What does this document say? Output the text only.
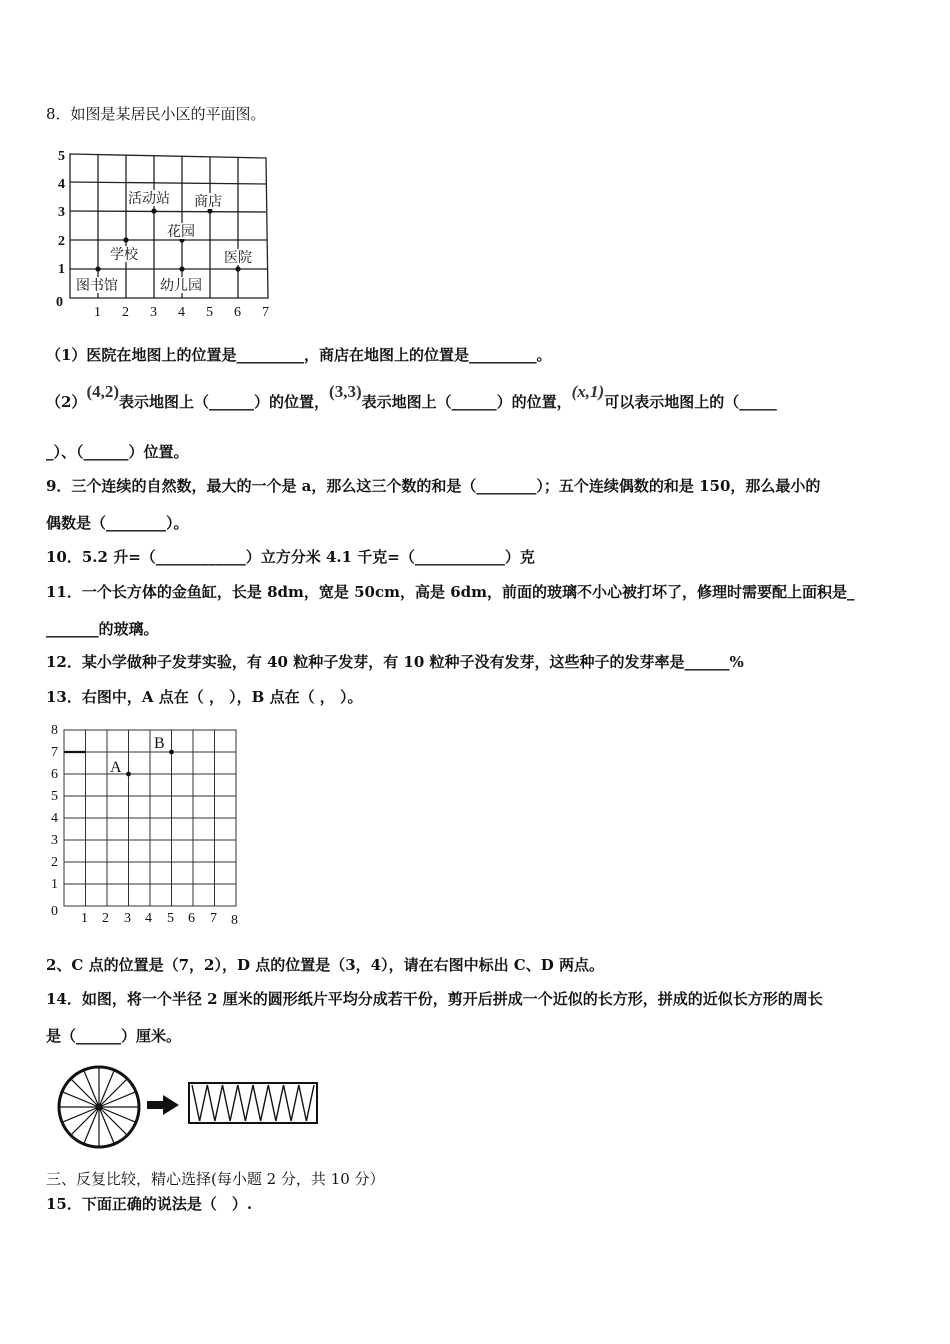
8．如图是某居民小区的平面图。
5
4
3
2
1
0
1 2 3 4 5 6 7
活动站 商店
花园
学校	医院
图书馆	幼儿园
（1）医院在地图上的位置是_________，商店在地图上的位置是_________。
（2）(4,2)表示地图上（______）的位置，(3,3)表示地图上（______）的位置，(x,1)可以表示地图上的（_____
_）、（______）位置。
9．三个连续的自然数，最大的一个是 a，那么这三个数的和是（________）；五个连续偶数的和是 150，那么最小的
偶数是（________）。
10．5.2 升=（____________）立方分米 4.1 千克=（____________）克
11．一个长方体的金鱼缸，长是 8dm，宽是 50cm，高是 6dm，前面的玻璃不小心被打坏了，修理时需要配上面积是_
_______的玻璃。
12．某小学做种子发芽实验，有 40 粒种子发芽，有 10 粒种子没有发芽，这些种子的发芽率是______%
13．右图中，A 点在（ ， ），B 点在（ ， ）。
A
B
8
7
6
5
4
3
2
1
0 1 2 3 4 5 6 7 8
2、C 点的位置是（7，2），D 点的位置是（3，4），请在右图中标出 C、D 两点。
14．如图，将一个半径 2 厘米的圆形纸片平均分成若干份，剪开后拼成一个近似的长方形，拼成的近似长方形的周长
是（______）厘米。
三、反复比较，精心选择(每小题 2 分，共 10 分）
15．下面正确的说法是（　）.
